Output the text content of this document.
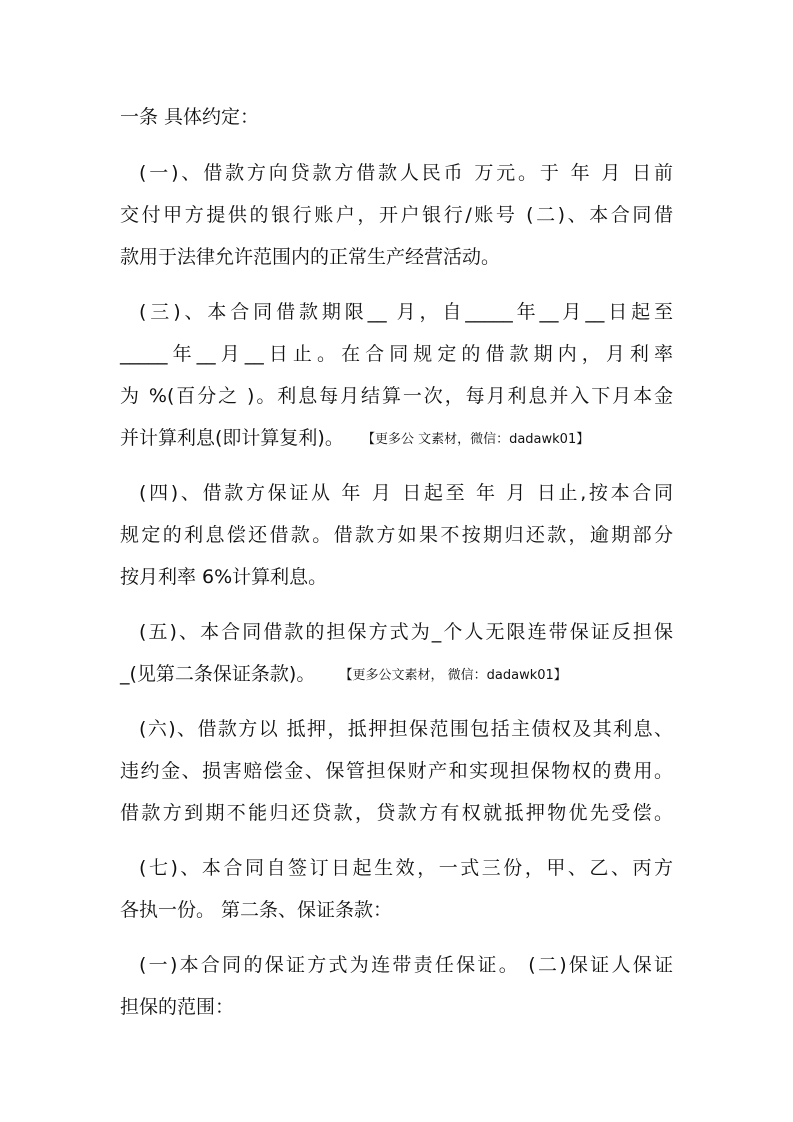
一条 具体约定：
(一)、借款方向贷款方借款人民币 万元。于 年 月 日前
交付甲方提供的银行账户，开户银行/账号 (二)、本合同借
款用于法律允许范围内的正常生产经营活动。
(三)、本合同借款期限__ 月，自_____年__月__日起至
_____年__月__日止。在合同规定的借款期内，月利率
为 %(百分之 )。利息每月结算一次，每月利息并入下月本金
并计算利息(即计算复利)。 【更多公 文素材，微信：dadawk01】
(四)、借款方保证从 年 月 日起至 年 月 日止,按本合同
规定的利息偿还借款。借款方如果不按期归还款，逾期部分
按月利率 6%计算利息。
(五)、本合同借款的担保方式为_个人无限连带保证反担保
_(见第二条保证条款)。 【更多公文素材， 微信：dadawk01】
(六)、借款方以 抵押，抵押担保范围包括主债权及其利息、
违约金、损害赔偿金、保管担保财产和实现担保物权的费用。
借款方到期不能归还贷款，贷款方有权就抵押物优先受偿。
(七)、本合同自签订日起生效，一式三份，甲、乙、丙方
各执一份。 第二条、保证条款：
(一)本合同的保证方式为连带责任保证。 (二)保证人保证
担保的范围：
